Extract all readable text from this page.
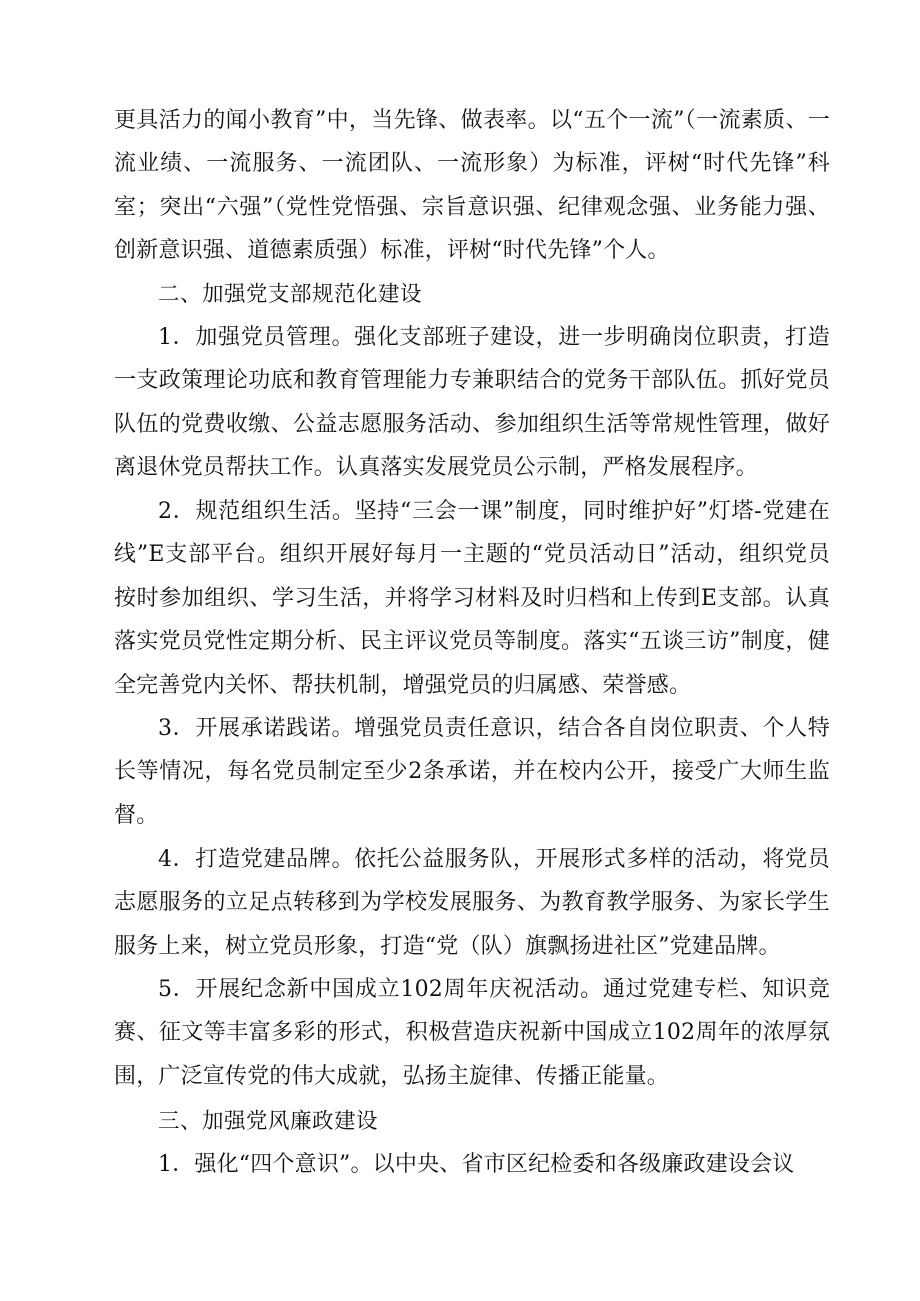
更具活力的闻小教育”中，当先锋、做表率。以“五个一流”（一流素质、一流业绩、一流服务、一流团队、一流形象）为标准，评树“时代先锋”科室；突出“六强”（党性党悟强、宗旨意识强、纪律观念强、业务能力强、创新意识强、道德素质强）标准，评树“时代先锋”个人。

二、加强党支部规范化建设

1．加强党员管理。强化支部班子建设，进一步明确岗位职责，打造一支政策理论功底和教育管理能力专兼职结合的党务干部队伍。抓好党员队伍的党费收缴、公益志愿服务活动、参加组织生活等常规性管理，做好离退休党员帮扶工作。认真落实发展党员公示制，严格发展程序。

2．规范组织生活。坚持“三会一课”制度，同时维护好”灯塔-党建在线”E支部平台。组织开展好每月一主题的“党员活动日”活动，组织党员按时参加组织、学习生活，并将学习材料及时归档和上传到E支部。认真落实党员党性定期分析、民主评议党员等制度。落实“五谈三访”制度，健全完善党内关怀、帮扶机制，增强党员的归属感、荣誉感。

3．开展承诺践诺。增强党员责任意识，结合各自岗位职责、个人特长等情况，每名党员制定至少2条承诺，并在校内公开，接受广大师生监督。

4．打造党建品牌。依托公益服务队，开展形式多样的活动，将党员志愿服务的立足点转移到为学校发展服务、为教育教学服务、为家长学生服务上来，树立党员形象，打造“党（队）旗飘扬进社区”党建品牌。

5．开展纪念新中国成立102周年庆祝活动。通过党建专栏、知识竞赛、征文等丰富多彩的形式，积极营造庆祝新中国成立102周年的浓厚氛围，广泛宣传党的伟大成就，弘扬主旋律、传播正能量。

三、加强党风廉政建设

1．强化“四个意识”。以中央、省市区纪检委和各级廉政建设会议
